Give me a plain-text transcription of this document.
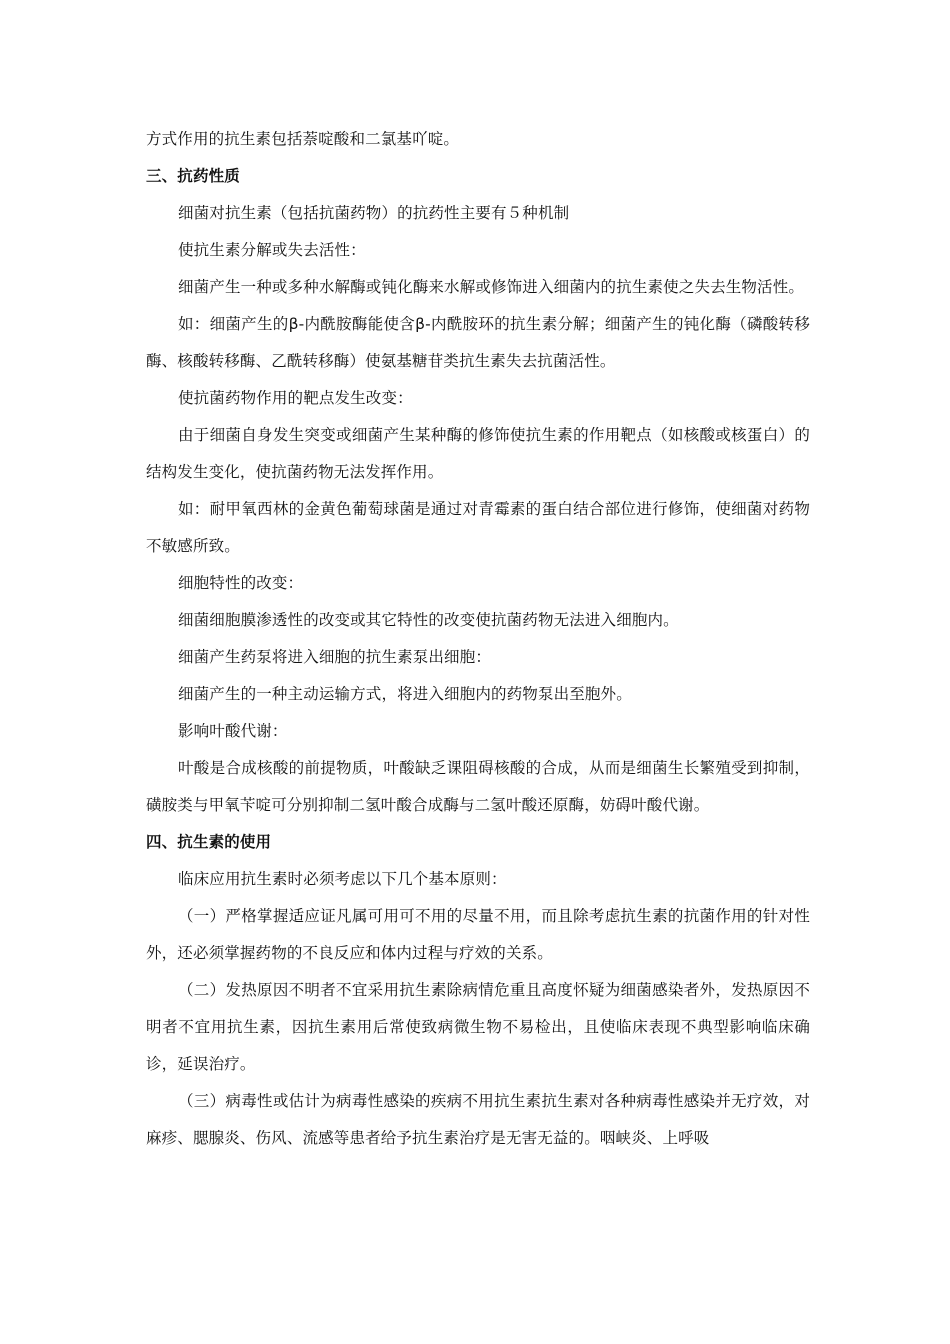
方式作用的抗生素包括萘啶酸和二氯基吖啶。

三、抗药性质

细菌对抗生素（包括抗菌药物）的抗药性主要有５种机制

使抗生素分解或失去活性：

细菌产生一种或多种水解酶或钝化酶来水解或修饰进入细菌内的抗生素使之失去生物活性。

如：细菌产生的β-内酰胺酶能使含β-内酰胺环的抗生素分解；细菌产生的钝化酶（磷酸转移酶、核酸转移酶、乙酰转移酶）使氨基糖苷类抗生素失去抗菌活性。

使抗菌药物作用的靶点发生改变：

由于细菌自身发生突变或细菌产生某种酶的修饰使抗生素的作用靶点（如核酸或核蛋白）的结构发生变化，使抗菌药物无法发挥作用。

如：耐甲氧西林的金黄色葡萄球菌是通过对青霉素的蛋白结合部位进行修饰，使细菌对药物不敏感所致。

细胞特性的改变：

细菌细胞膜渗透性的改变或其它特性的改变使抗菌药物无法进入细胞内。

细菌产生药泵将进入细胞的抗生素泵出细胞：

细菌产生的一种主动运输方式，将进入细胞内的药物泵出至胞外。

影响叶酸代谢：

叶酸是合成核酸的前提物质，叶酸缺乏课阻碍核酸的合成，从而是细菌生长繁殖受到抑制，磺胺类与甲氧苄啶可分别抑制二氢叶酸合成酶与二氢叶酸还原酶，妨碍叶酸代谢。

四、抗生素的使用

临床应用抗生素时必须考虑以下几个基本原则：

（一）严格掌握适应证凡属可用可不用的尽量不用，而且除考虑抗生素的抗菌作用的针对性外，还必须掌握药物的不良反应和体内过程与疗效的关系。

（二）发热原因不明者不宜采用抗生素除病情危重且高度怀疑为细菌感染者外，发热原因不明者不宜用抗生素，因抗生素用后常使致病微生物不易检出，且使临床表现不典型影响临床确诊，延误治疗。

（三）病毒性或估计为病毒性感染的疾病不用抗生素抗生素对各种病毒性感染并无疗效，对麻疹、腮腺炎、伤风、流感等患者给予抗生素治疗是无害无益的。咽峡炎、上呼吸
